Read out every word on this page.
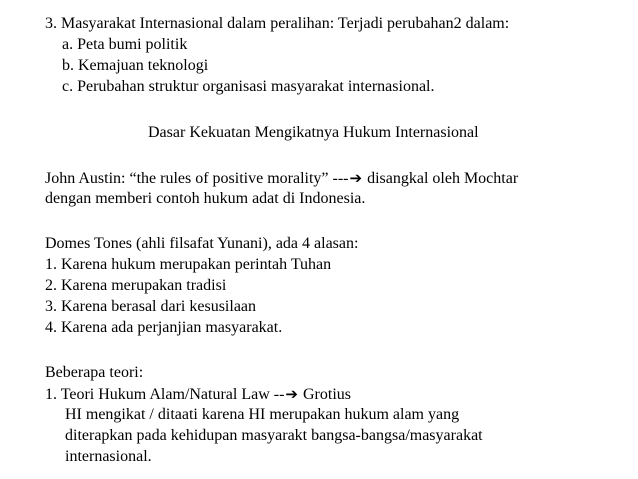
3. Masyarakat Internasional dalam peralihan: Terjadi perubahan2 dalam:
a. Peta bumi politik
b. Kemajuan teknologi
c. Perubahan struktur organisasi masyarakat internasional.
Dasar Kekuatan Mengikatnya Hukum Internasional
John Austin: “the rules of positive morality” ---➔ disangkal oleh Mochtar
dengan memberi contoh hukum adat di Indonesia.
Domes Tones (ahli filsafat Yunani), ada 4 alasan:
1. Karena hukum merupakan perintah Tuhan
2. Karena merupakan tradisi
3. Karena berasal dari kesusilaan
4. Karena ada perjanjian masyarakat.
Beberapa teori:
1. Teori Hukum Alam/Natural Law --➔ Grotius
HI mengikat / ditaati karena HI merupakan hukum alam yang
diterapkan pada kehidupan masyarakt bangsa-bangsa/masyarakat
internasional.
